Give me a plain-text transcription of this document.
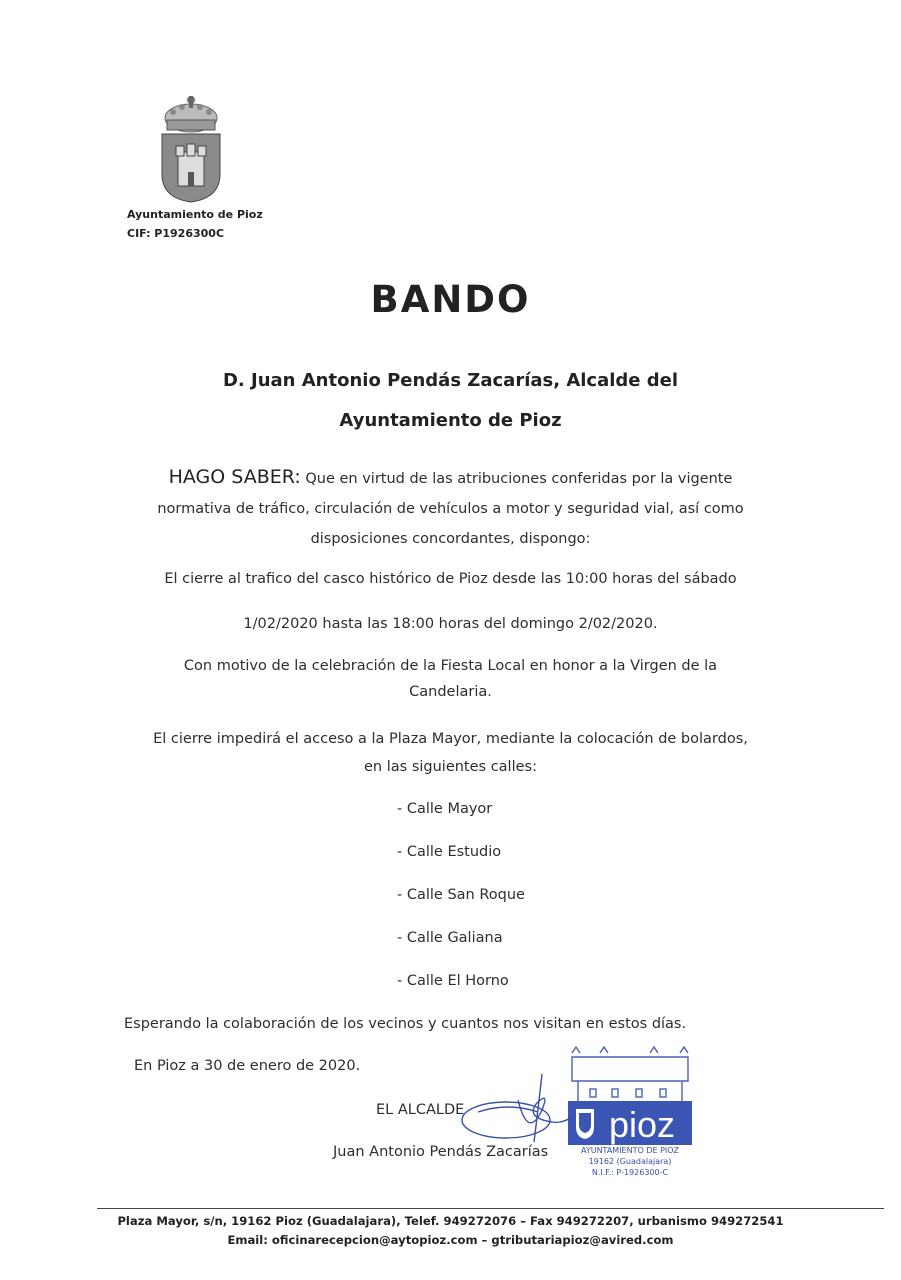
Ayuntamiento de Pioz
CIF: P1926300C
BANDO
D. Juan Antonio Pendás Zacarías, Alcalde del
Ayuntamiento de Pioz
HAGO SABER: Que en virtud de las atribuciones conferidas por la vigente
normativa de tráfico, circulación de vehículos a motor y seguridad vial, así como
disposiciones concordantes, dispongo:
El cierre al trafico del casco histórico de Pioz desde las 10:00 horas del sábado
1/02/2020 hasta las 18:00 horas del domingo 2/02/2020.
Con motivo de la celebración de la Fiesta Local en honor a la Virgen de la
Candelaria.
El cierre impedirá el acceso a la Plaza Mayor, mediante la colocación de bolardos,
en las siguientes calles:
- Calle Mayor
- Calle Estudio
- Calle San Roque
- Calle Galiana
- Calle El Horno
Esperando la colaboración de los vecinos y cuantos nos visitan en estos días.
En Pioz a 30 de enero de 2020.
pioz
AYUNTAMIENTO DE PIOZ
19162 (Guadalajara)
N.I.F.: P-1926300-C
EL ALCALDE
Juan Antonio Pendás Zacarías
Plaza Mayor, s/n, 19162 Pioz (Guadalajara), Telef. 949272076 – Fax 949272207, urbanismo 949272541
Email: oficinarecepcion@aytopioz.com – gtributariapioz@avired.com
